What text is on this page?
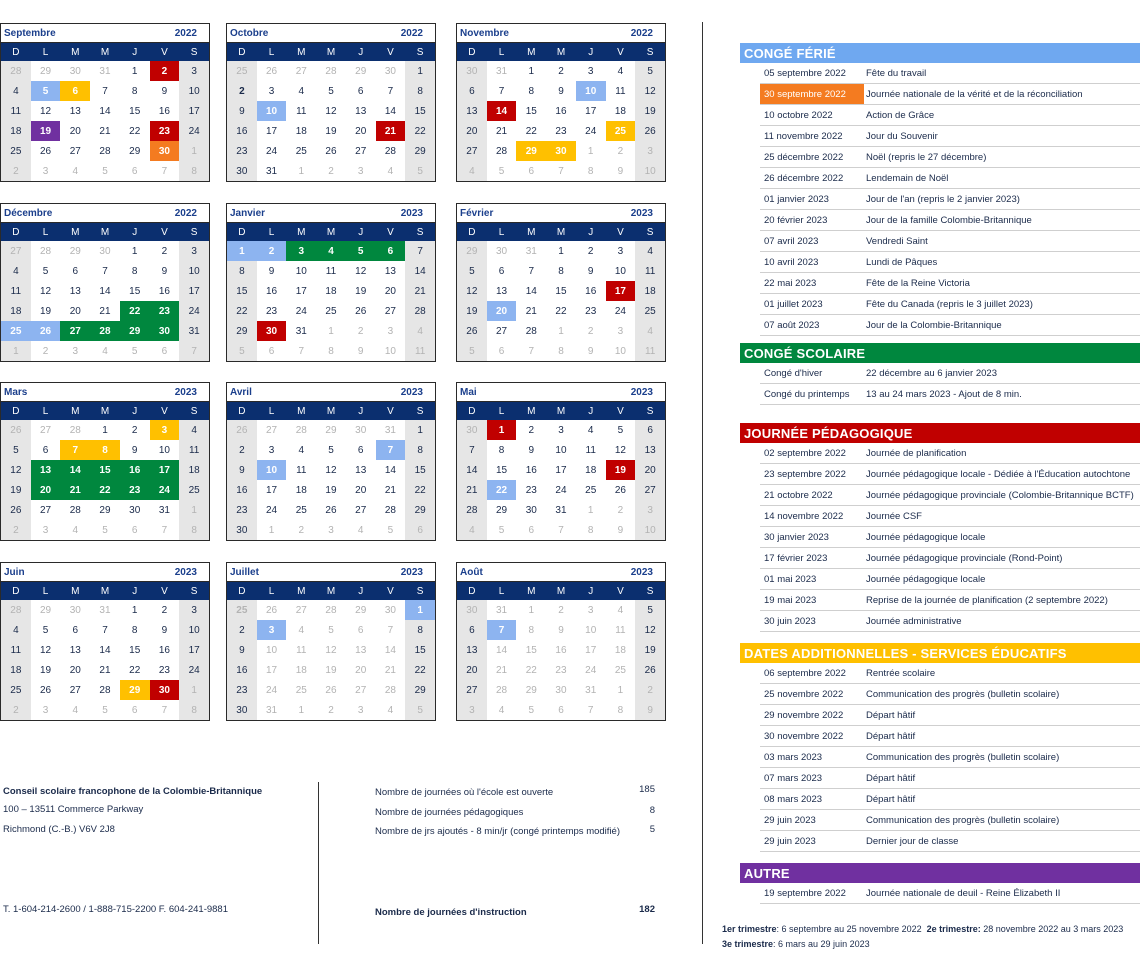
Septembre	2022
D	L	M	M	J	V	S
28	29	30	31	1	2	3
4	5	6	7	8	9	10
11	12	13	14	15	16	17
18	19	20	21	22	23	24
25	26	27	28	29	30	1
2	3	4	5	6	7	8
Octobre	2022
D	L	M	M	J	V	S
25	26	27	28	29	30	1
2	3	4	5	6	7	8
9	10	11	12	13	14	15
16	17	18	19	20	21	22
23	24	25	26	27	28	29
30	31	1	2	3	4	5
Novembre	2022
D	L	M	M	J	V	S
30	31	1	2	3	4	5
6	7	8	9	10	11	12
13	14	15	16	17	18	19
20	21	22	23	24	25	26
27	28	29	30	1	2	3
4	5	6	7	8	9	10
Décembre	2022
D	L	M	M	J	V	S
27	28	29	30	1	2	3
4	5	6	7	8	9	10
11	12	13	14	15	16	17
18	19	20	21	22	23	24
25	26	27	28	29	30	31
1	2	3	4	5	6	7
Janvier	2023
D	L	M	M	J	V	S
1	2	3	4	5	6	7
8	9	10	11	12	13	14
15	16	17	18	19	20	21
22	23	24	25	26	27	28
29	30	31	1	2	3	4
5	6	7	8	9	10	11
Février	2023
D	L	M	M	J	V	S
29	30	31	1	2	3	4
5	6	7	8	9	10	11
12	13	14	15	16	17	18
19	20	21	22	23	24	25
26	27	28	1	2	3	4
5	6	7	8	9	10	11
Mars	2023
D	L	M	M	J	V	S
26	27	28	1	2	3	4
5	6	7	8	9	10	11
12	13	14	15	16	17	18
19	20	21	22	23	24	25
26	27	28	29	30	31	1
2	3	4	5	6	7	8
Avril	2023
D	L	M	M	J	V	S
26	27	28	29	30	31	1
2	3	4	5	6	7	8
9	10	11	12	13	14	15
16	17	18	19	20	21	22
23	24	25	26	27	28	29
30	1	2	3	4	5	6
Mai	2023
D	L	M	M	J	V	S
30	1	2	3	4	5	6
7	8	9	10	11	12	13
14	15	16	17	18	19	20
21	22	23	24	25	26	27
28	29	30	31	1	2	3
4	5	6	7	8	9	10
Juin	2023
D	L	M	M	J	V	S
28	29	30	31	1	2	3
4	5	6	7	8	9	10
11	12	13	14	15	16	17
18	19	20	21	22	23	24
25	26	27	28	29	30	1
2	3	4	5	6	7	8
Juillet	2023
D	L	M	M	J	V	S
25	26	27	28	29	30	1
2	3	4	5	6	7	8
9	10	11	12	13	14	15
16	17	18	19	20	21	22
23	24	25	26	27	28	29
30	31	1	2	3	4	5
Août	2023
D	L	M	M	J	V	S
30	31	1	2	3	4	5
6	7	8	9	10	11	12
13	14	15	16	17	18	19
20	21	22	23	24	25	26
27	28	29	30	31	1	2
3	4	5	6	7	8	9
CONGÉ FÉRIÉ
05 septembre 2022	Fête du travail
30 septembre 2022	Journée nationale de la vérité et de la réconciliation
10 octobre 2022	Action de Grâce
11 novembre 2022	Jour du Souvenir
25 décembre 2022	Noël (repris le 27 décembre)
26 décembre 2022	Lendemain de Noël
01 janvier 2023	Jour de l'an (repris le 2 janvier 2023)
20 février 2023	Jour de la famille Colombie-Britannique
07 avril 2023	Vendredi Saint
10 avril 2023	Lundi de Pâques
22 mai 2023	Fête de la Reine Victoria
01 juillet 2023	Fête du Canada (repris le 3 juillet 2023)
07 août 2023	Jour de la Colombie-Britannique
CONGÉ SCOLAIRE
Congé d'hiver	22 décembre au 6 janvier 2023
Congé du printemps	13 au 24 mars 2023 - Ajout de 8 min.
JOURNÉE PÉDAGOGIQUE
02 septembre 2022	Journée de planification
23 septembre 2022	Journée pédagogique locale - Dédiée à l'Éducation autochtone
21 octobre 2022	Journée pédagogique provinciale (Colombie-Britannique BCTF)
14 novembre 2022	Journée CSF
30 janvier 2023	Journée pédagogique locale
17 février 2023	Journée pédagogique provinciale (Rond-Point)
01 mai 2023	Journée pédagogique locale
19 mai 2023	Reprise de la journée de planification (2 septembre 2022)
30 juin 2023	Journée administrative
DATES ADDITIONNELLES - SERVICES ÉDUCATIFS
06 septembre 2022	Rentrée scolaire
25 novembre 2022	Communication des progrès (bulletin scolaire)
29 novembre 2022	Départ hâtif
30 novembre 2022	Départ hâtif
03 mars 2023	Communication des progrès (bulletin scolaire)
07 mars 2023	Départ hâtif
08 mars 2023	Départ hâtif
29 juin 2023	Communication des progrès (bulletin scolaire)
29 juin 2023	Dernier jour de classe
AUTRE
19 septembre 2022	Journée nationale de deuil - Reine Élizabeth II
Conseil scolaire francophone de la Colombie-Britannique
100 – 13511 Commerce Parkway
Richmond (C.-B.) V6V 2J8
T. 1-604-214-2600 / 1-888-715-2200 F. 604-241-9881
Nombre de journées où l'école est ouverte	185
Nombre de journées pédagogiques	8
Nombre de jrs ajoutés - 8 min/jr (congé printemps modifié)	5
Nombre de journées d'instruction	182
1er trimestre: 6 septembre au 25 novembre 2022 2e trimestre: 28 novembre 2022 au 3 mars 2023
3e trimestre: 6 mars au 29 juin 2023
